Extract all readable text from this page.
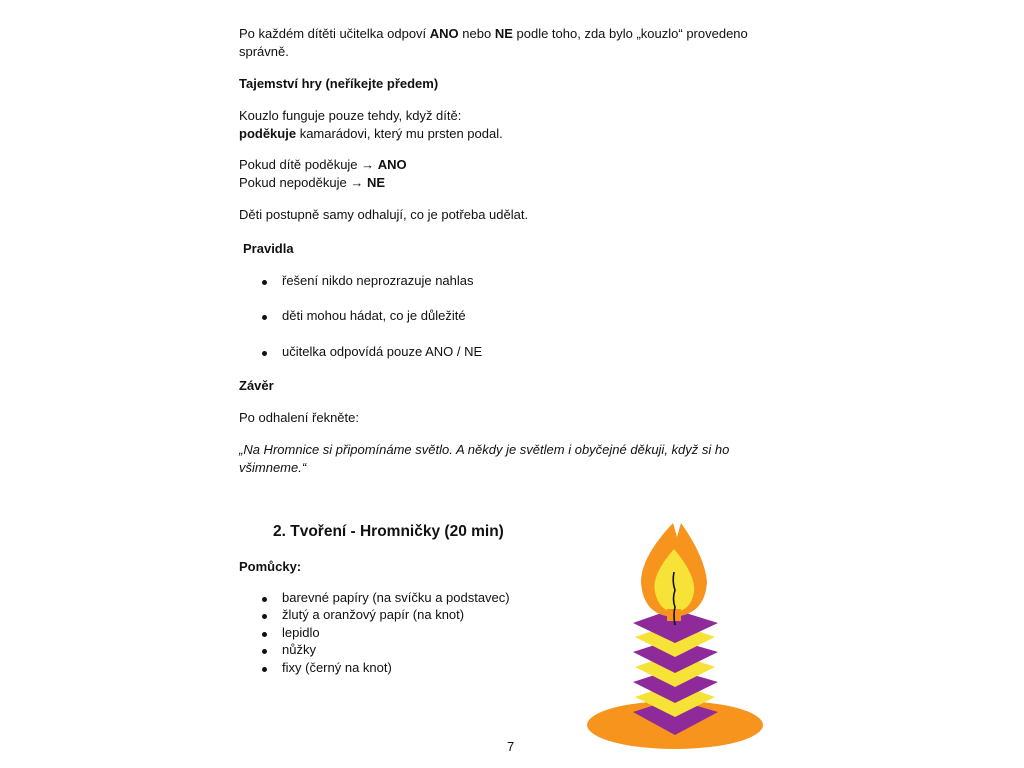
Po každém dítěti učitelka odpoví ANO nebo NE podle toho, zda bylo „kouzlo“ provedeno
správně.
Tajemství hry (neříkejte předem)
Kouzlo funguje pouze tehdy, když dítě:
poděkuje kamarádovi, který mu prsten podal.
Pokud dítě poděkuje → ANO
Pokud nepoděkuje → NE
Děti postupně samy odhalují, co je potřeba udělat.
Pravidla
řešení nikdo neprozrazuje nahlas
děti mohou hádat, co je důležité
učitelka odpovídá pouze ANO / NE
Závěr
Po odhalení řekněte:
„Na Hromnice si připomínáme světlo. A někdy je světlem i obyčejné děkuji, když si ho
všimneme.“
2. Tvoření - Hromničky (20 min)
Pomůcky:
barevné papíry (na svíčku a podstavec)
žlutý a oranžový papír (na knot)
lepidlo
nůžky
fixy (černý na knot)
7
